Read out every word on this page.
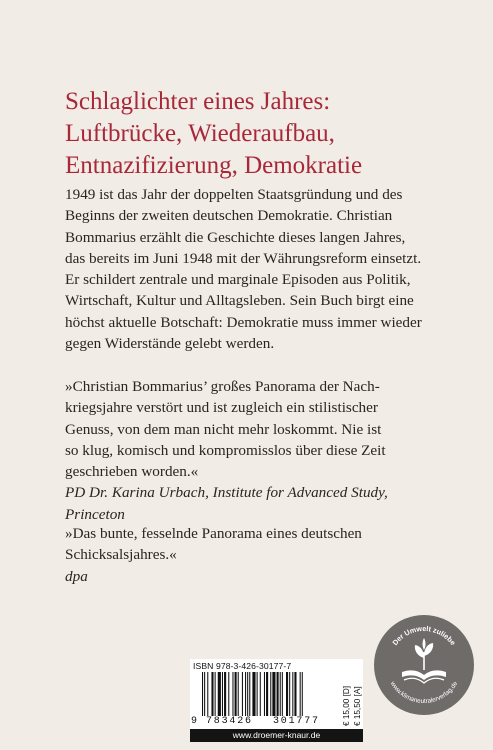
Schlaglichter eines Jahres:
Luftbrücke, Wiederaufbau,
Entnazifizierung, Demokratie
1949 ist das Jahr der doppelten Staatsgründung und des
Beginns der zweiten deutschen Demokratie. Christian
Bommarius erzählt die Geschichte dieses langen Jahres,
das bereits im Juni 1948 mit der Währungsreform einsetzt.
Er schildert zentrale und marginale Episoden aus Politik,
Wirtschaft, Kultur und Alltagsleben. Sein Buch birgt eine
höchst aktuelle Botschaft: Demokratie muss immer wieder
gegen Widerstände gelebt werden.
»Christian Bommarius’ großes Panorama der Nach-
kriegsjahre verstört und ist zugleich ein stilistischer
Genuss, von dem man nicht mehr loskommt. Nie ist
so klug, komisch und kompromisslos über diese Zeit
geschrieben worden.«
PD Dr. Karina Urbach, Institute for Advanced Study,
Princeton
»Das bunte, fesselnde Panorama eines deutschen
Schicksalsjahres.«
dpa
Der Umwelt zuliebe
www.klimaneutralerverlag.de
ISBN 978-3-426-30177-7
9 783426 301777	€ 15,00 [D] € 15,50 [A]
www.droemer-knaur.de
